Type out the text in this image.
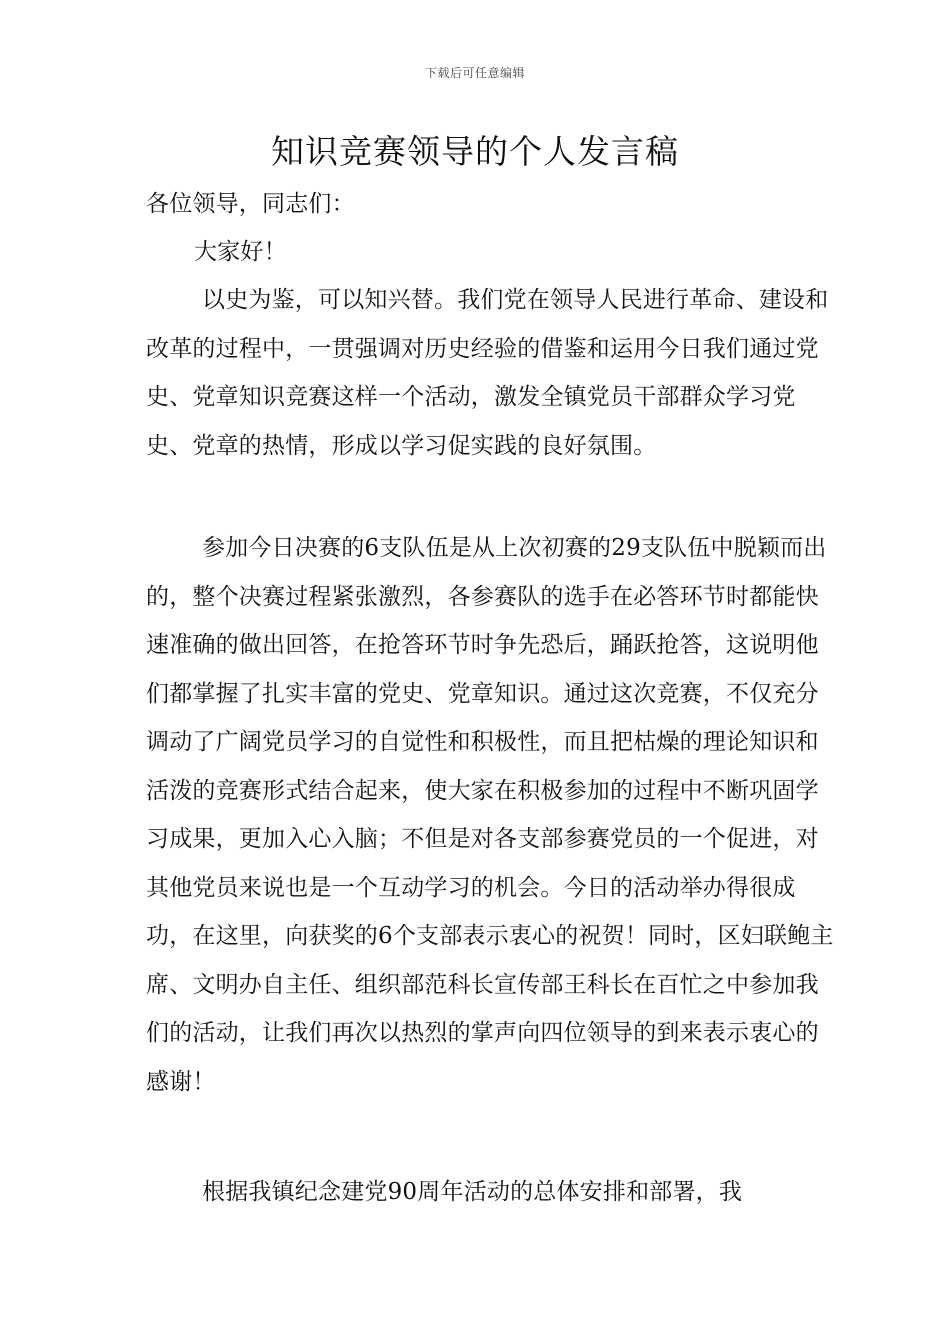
下载后可任意编辑
知识竞赛领导的个人发言稿

各位领导，同志们：

大家好！

以史为鉴，可以知兴替。我们党在领导人民进行革命、建设和改革的过程中，一贯强调对历史经验的借鉴和运用今日我们通过党史、党章知识竞赛这样一个活动，激发全镇党员干部群众学习党史、党章的热情，形成以学习促实践的良好氛围。

参加今日决赛的6支队伍是从上次初赛的29支队伍中脱颖而出的，整个决赛过程紧张激烈，各参赛队的选手在必答环节时都能快速准确的做出回答，在抢答环节时争先恐后，踊跃抢答，这说明他们都掌握了扎实丰富的党史、党章知识。通过这次竞赛，不仅充分调动了广阔党员学习的自觉性和积极性，而且把枯燥的理论知识和活泼的竞赛形式结合起来，使大家在积极参加的过程中不断巩固学习成果，更加入心入脑；不但是对各支部参赛党员的一个促进，对其他党员来说也是一个互动学习的机会。今日的活动举办得很成功，在这里，向获奖的6个支部表示衷心的祝贺！同时，区妇联鲍主席、文明办自主任、组织部范科长宣传部王科长在百忙之中参加我们的活动，让我们再次以热烈的掌声向四位领导的到来表示衷心的感谢！

根据我镇纪念建党90周年活动的总体安排和部署，我
